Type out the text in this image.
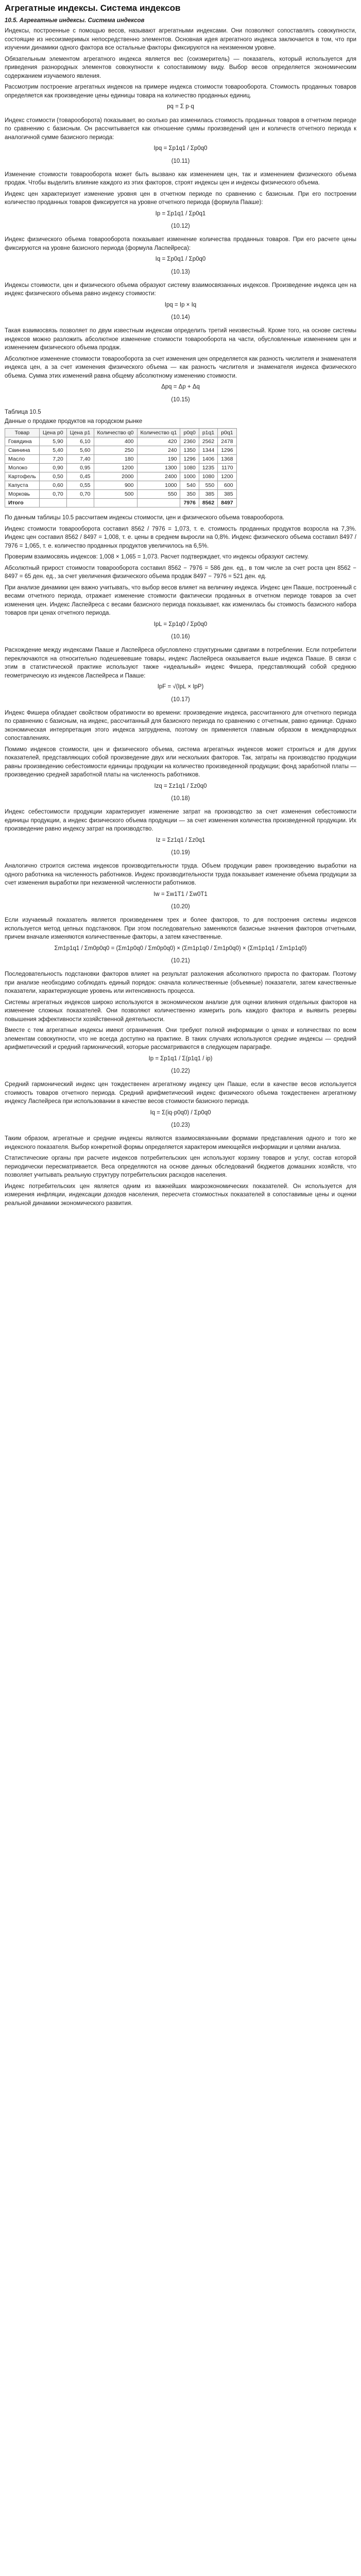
Агрегатные индексы. Система индексов
10.5. Агрегатные индексы. Система индексов
Индексы, построенные с помощью весов, называют агрегатными индексами. Они позволяют сопоставлять совокупности, состоящие из несоизмеримых непосредственно элементов. Основная идея агрегатного индекса заключается в том, что при изучении динамики одного фактора все остальные факторы фиксируются на неизменном уровне.
Обязательным элементом агрегатного индекса является вес (соизмеритель) — показатель, который используется для приведения разнородных элементов совокупности к сопоставимому виду. Выбор весов определяется экономическим содержанием изучаемого явления.
Рассмотрим построение агрегатных индексов на примере индекса стоимости товарооборота. Стоимость проданных товаров определяется как произведение цены единицы товара на количество проданных единиц.
pq = Σ p·q
Индекс стоимости (товарооборота) показывает, во сколько раз изменилась стоимость проданных товаров в отчетном периоде по сравнению с базисным. Он рассчитывается как отношение суммы произведений цен и количеств отчетного периода к аналогичной сумме базисного периода:
Ipq = Σp1q1 / Σp0q0
(10.11)
Изменение стоимости товарооборота может быть вызвано как изменением цен, так и изменением физического объема продаж. Чтобы выделить влияние каждого из этих факторов, строят индексы цен и индексы физического объема.
Индекс цен характеризует изменение уровня цен в отчетном периоде по сравнению с базисным. При его построении количество проданных товаров фиксируется на уровне отчетного периода (формула Пааше):
Ip = Σp1q1 / Σp0q1
(10.12)
Индекс физического объема товарооборота показывает изменение количества проданных товаров. При его расчете цены фиксируются на уровне базисного периода (формула Ласпейреса):
Iq = Σp0q1 / Σp0q0
(10.13)
Индексы стоимости, цен и физического объема образуют систему взаимосвязанных индексов. Произведение индекса цен на индекс физического объема равно индексу стоимости:
Ipq = Ip × Iq
(10.14)
Такая взаимосвязь позволяет по двум известным индексам определить третий неизвестный. Кроме того, на основе системы индексов можно разложить абсолютное изменение стоимости товарооборота на части, обусловленные изменением цен и изменением физического объема продаж.
Абсолютное изменение стоимости товарооборота за счет изменения цен определяется как разность числителя и знаменателя индекса цен, а за счет изменения физического объема — как разность числителя и знаменателя индекса физического объема. Сумма этих изменений равна общему абсолютному изменению стоимости.
Δpq = Δp + Δq
(10.15)
Таблица 10.5
Данные о продаже продуктов на городском рынке
Товар	Цена p0	Цена p1	Количество q0	Количество q1	p0q0	p1q1	p0q1
Говядина	5,90	6,10	400	420	2360	2562	2478
Свинина	5,40	5,60	250	240	1350	1344	1296
Масло	7,20	7,40	180	190	1296	1406	1368
Молоко	0,90	0,95	1200	1300	1080	1235	1170
Картофель	0,50	0,45	2000	2400	1000	1080	1200
Капуста	0,60	0,55	900	1000	540	550	600
Морковь	0,70	0,70	500	550	350	385	385
Итого					7976	8562	8497
По данным таблицы 10.5 рассчитаем индексы стоимости, цен и физического объема товарооборота.
Индекс стоимости товарооборота составил 8562 / 7976 = 1,073, т. е. стоимость проданных продуктов возросла на 7,3%. Индекс цен составил 8562 / 8497 = 1,008, т. е. цены в среднем выросли на 0,8%. Индекс физического объема составил 8497 / 7976 = 1,065, т. е. количество проданных продуктов увеличилось на 6,5%.
Проверим взаимосвязь индексов: 1,008 × 1,065 = 1,073. Расчет подтверждает, что индексы образуют систему.
Абсолютный прирост стоимости товарооборота составил 8562 − 7976 = 586 ден. ед., в том числе за счет роста цен 8562 − 8497 = 65 ден. ед., за счет увеличения физического объема продаж 8497 − 7976 = 521 ден. ед.
При анализе динамики цен важно учитывать, что выбор весов влияет на величину индекса. Индекс цен Пааше, построенный с весами отчетного периода, отражает изменение стоимости фактически проданных в отчетном периоде товаров за счет изменения цен. Индекс Ласпейреса с весами базисного периода показывает, как изменилась бы стоимость базисного набора товаров при ценах отчетного периода.
IpL = Σp1q0 / Σp0q0
(10.16)
Расхождение между индексами Пааше и Ласпейреса обусловлено структурными сдвигами в потреблении. Если потребители переключаются на относительно подешевевшие товары, индекс Ласпейреса оказывается выше индекса Пааше. В связи с этим в статистической практике используют также «идеальный» индекс Фишера, представляющий собой среднюю геометрическую из индексов Ласпейреса и Пааше:
IpF = √(IpL × IpP)
(10.17)
Индекс Фишера обладает свойством обратимости во времени: произведение индекса, рассчитанного для отчетного периода по сравнению с базисным, на индекс, рассчитанный для базисного периода по сравнению с отчетным, равно единице. Однако экономическая интерпретация этого индекса затруднена, поэтому он применяется главным образом в международных сопоставлениях.
Помимо индексов стоимости, цен и физического объема, система агрегатных индексов может строиться и для других показателей, представляющих собой произведение двух или нескольких факторов. Так, затраты на производство продукции равны произведению себестоимости единицы продукции на количество произведенной продукции; фонд заработной платы — произведению средней заработной платы на численность работников.
Izq = Σz1q1 / Σz0q0
(10.18)
Индекс себестоимости продукции характеризует изменение затрат на производство за счет изменения себестоимости единицы продукции, а индекс физического объема продукции — за счет изменения количества произведенной продукции. Их произведение равно индексу затрат на производство.
Iz = Σz1q1 / Σz0q1
(10.19)
Аналогично строится система индексов производительности труда. Объем продукции равен произведению выработки на одного работника на численность работников. Индекс производительности труда показывает изменение объема продукции за счет изменения выработки при неизменной численности работников.
Iw = Σw1T1 / Σw0T1
(10.20)
Если изучаемый показатель является произведением трех и более факторов, то для построения системы индексов используется метод цепных подстановок. При этом последовательно заменяются базисные значения факторов отчетными, причем вначале изменяются количественные факторы, а затем качественные.
Σm1p1q1 / Σm0p0q0 = (Σm1p0q0 / Σm0p0q0) × (Σm1p1q0 / Σm1p0q0) × (Σm1p1q1 / Σm1p1q0)
(10.21)
Последовательность подстановки факторов влияет на результат разложения абсолютного прироста по факторам. Поэтому при анализе необходимо соблюдать единый порядок: сначала количественные (объемные) показатели, затем качественные показатели, характеризующие уровень или интенсивность процесса.
Системы агрегатных индексов широко используются в экономическом анализе для оценки влияния отдельных факторов на изменение сложных показателей. Они позволяют количественно измерить роль каждого фактора и выявить резервы повышения эффективности хозяйственной деятельности.
Вместе с тем агрегатные индексы имеют ограничения. Они требуют полной информации о ценах и количествах по всем элементам совокупности, что не всегда доступно на практике. В таких случаях используются средние индексы — средний арифметический и средний гармонический, которые рассматриваются в следующем параграфе.
Ip = Σp1q1 / Σ(p1q1 / ip)
(10.22)
Средний гармонический индекс цен тождественен агрегатному индексу цен Пааше, если в качестве весов используется стоимость товаров отчетного периода. Средний арифметический индекс физического объема тождественен агрегатному индексу Ласпейреса при использовании в качестве весов стоимости базисного периода.
Iq = Σ(iq·p0q0) / Σp0q0
(10.23)
Таким образом, агрегатные и средние индексы являются взаимосвязанными формами представления одного и того же индексного показателя. Выбор конкретной формы определяется характером имеющейся информации и целями анализа.
Статистические органы при расчете индексов потребительских цен используют корзину товаров и услуг, состав которой периодически пересматривается. Веса определяются на основе данных обследований бюджетов домашних хозяйств, что позволяет учитывать реальную структуру потребительских расходов населения.
Индекс потребительских цен является одним из важнейших макроэкономических показателей. Он используется для измерения инфляции, индексации доходов населения, пересчета стоимостных показателей в сопоставимые цены и оценки реальной динамики экономического развития.
